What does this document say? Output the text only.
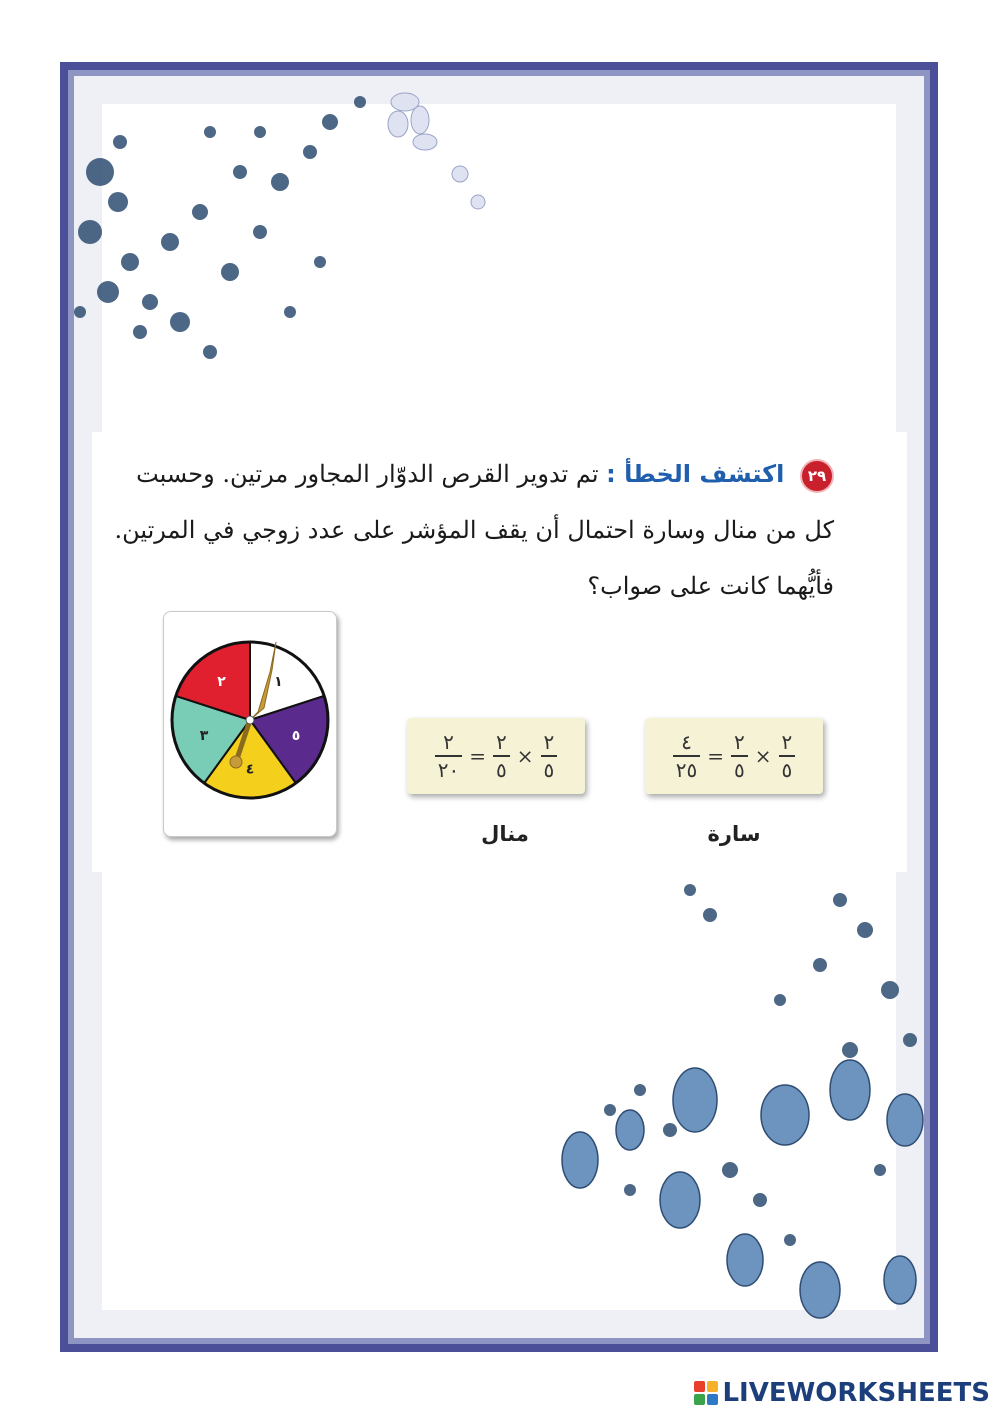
٢٩ اكتشف الخطأ : تم تدوير القرص الدوّار المجاور مرتين. وحسبت كل من منال وسارة احتمال أن يقف المؤشر على عدد زوجي في المرتين. فأيُّهما كانت على صواب؟
١
٥
٤
٣
٢
$\frac{٢}{٢٠} = \frac{٢}{٥} \times \frac{٢}{٥}$	$\frac{٤}{٢٥} = \frac{٢}{٥} \times \frac{٢}{٥}$
منال	سارة
LIVEWORKSHEETS
